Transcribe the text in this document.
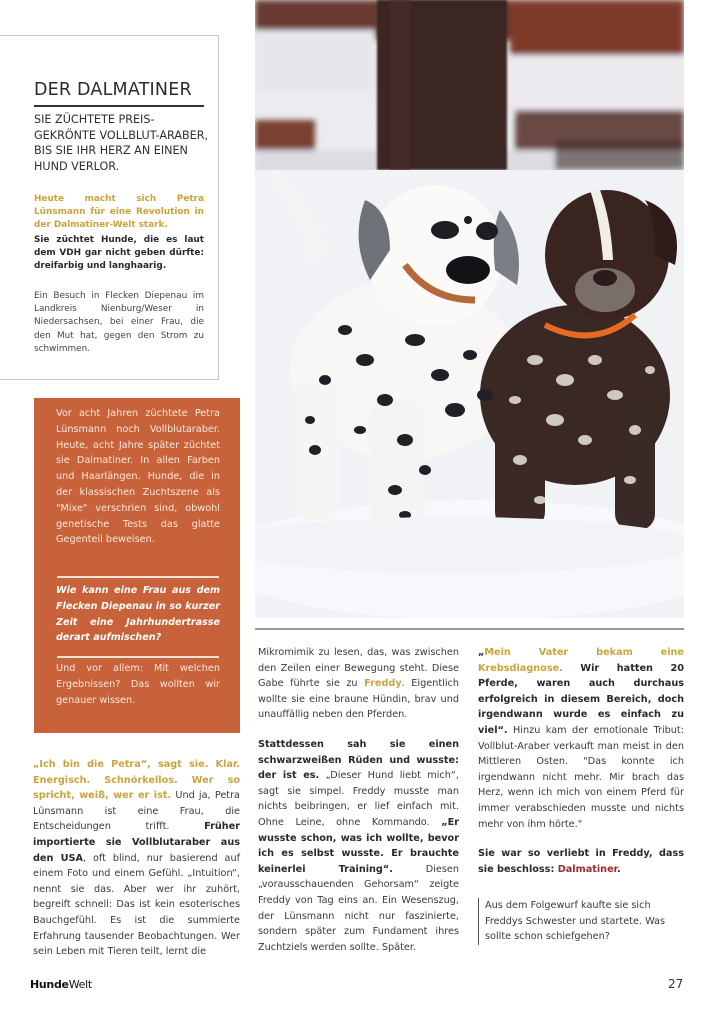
DER DALMATINER
SIE ZÜCHTETE PREIS-GEKRÖNTE VOLLBLUT-ARABER, BIS SIE IHR HERZ AN EINEN HUND VERLOR.
Heute macht sich Petra Lünsmann für eine Revolution in der Dalmatiner-Welt stark.
Sie züchtet Hunde, die es laut dem VDH gar nicht geben dürfte: dreifarbig und langhaarig.
Ein Besuch in Flecken Diepenau im Landkreis Nienburg/Weser in Niedersachsen, bei einer Frau, die den Mut hat, gegen den Strom zu schwimmen.
Vor acht Jahren züchtete Petra Lünsmann noch Vollblutaraber. Heute, acht Jahre später züchtet sie Dalmatiner. In allen Farben und Haarlängen. Hunde, die in der klassischen Zuchtszene als "Mixe" verschrien sind, obwohl genetische Tests das glatte Gegenteil beweisen.
Wie kann eine Frau aus dem Flecken Diepenau in so kurzer Zeit eine Jahrhundertrasse derart aufmischen?
Und vor allem: Mit welchen Ergebnissen? Das wollten wir genauer wissen.
„Ich bin die Petra“, sagt sie. Klar. Energisch. Schnörkellos. Wer so spricht, weiß, wer er ist. Und ja, Petra Lünsmann ist eine Frau, die Entscheidungen trifft. Früher importierte sie Vollblutaraber aus den USA, oft blind, nur basierend auf einem Foto und einem Gefühl. „Intuition“, nennt sie das. Aber wer ihr zuhört, begreift schnell: Das ist kein esoterisches Bauchgefühl. Es ist die summierte Erfahrung tausender Beobachtungen. Wer sein Leben mit Tieren teilt, lernt die

Mikromimik zu lesen, das, was zwischen den Zeilen einer Bewegung steht. Diese Gabe führte sie zu Freddy. Eigentlich wollte sie eine braune Hündin, brav und unauffällig neben den Pferden.

Stattdessen sah sie einen schwarzweißen Rüden und wusste: der ist es. „Dieser Hund liebt mich“, sagt sie simpel. Freddy musste man nichts beibringen, er lief einfach mit. Ohne Leine, ohne Kommando. „Er wusste schon, was ich wollte, bevor ich es selbst wusste. Er brauchte keinerlei Training“. Diesen „vorausschauenden Gehorsam“ zeigte Freddy von Tag eins an. Ein Wesenszug, der Lünsmann nicht nur faszinierte, sondern später zum Fundament ihres Zuchtziels werden sollte. Später.

„Mein Vater bekam eine Krebsdiagnose. Wir hatten 20 Pferde, waren auch durchaus erfolgreich in diesem Bereich, doch irgendwann wurde es einfach zu viel“. Hinzu kam der emotionale Tribut: Vollblut-Araber verkauft man meist in den Mittleren Osten. "Das konnte ich irgendwann nicht mehr. Mir brach das Herz, wenn ich mich von einem Pferd für immer verabschieden musste und nichts mehr von ihm hörte."

Sie war so verliebt in Freddy, dass sie beschloss: Dalmatiner.

Aus dem Folgewurf kaufte sie sich Freddys Schwester und startete. Was sollte schon schiefgehen?
HundeWelt	27
